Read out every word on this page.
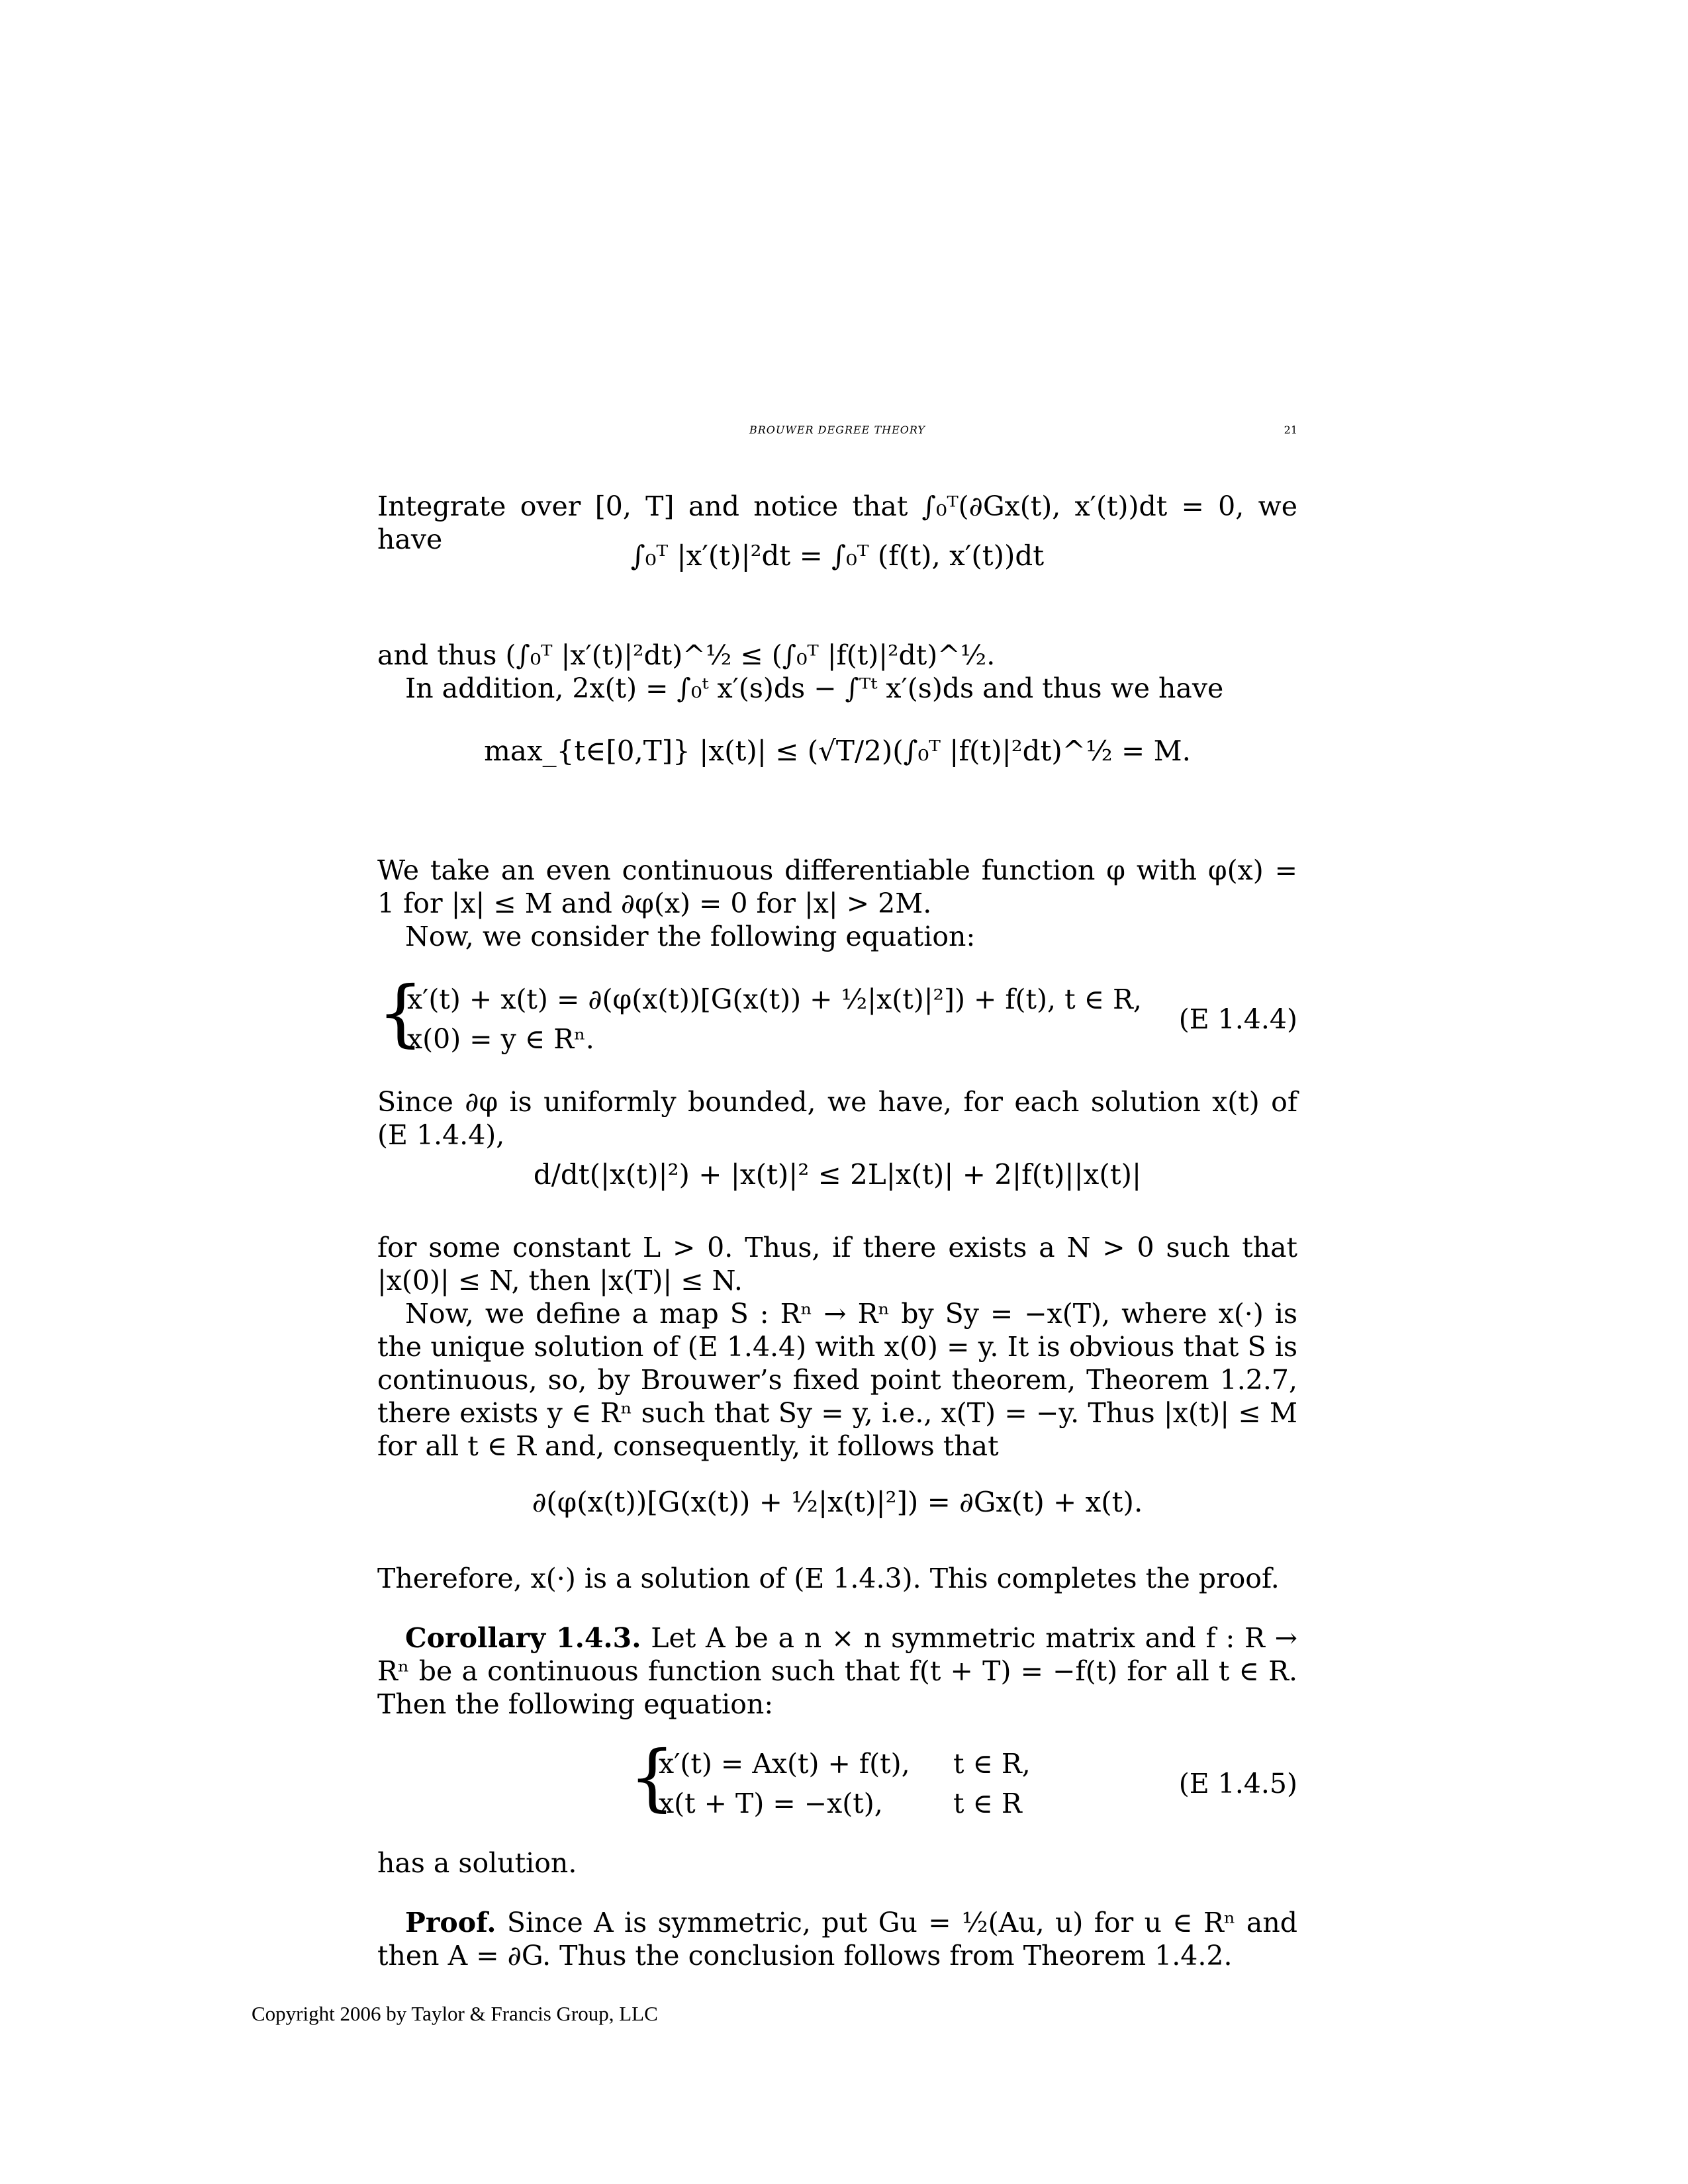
BROUWER DEGREE THEORY	21
Integrate over [0, T] and notice that ∫₀ᵀ(∂Gx(t), x′(t))dt = 0, we have	∫₀ᵀ |x′(t)|²dt = ∫₀ᵀ (f(t), x′(t))dt
and thus (∫₀ᵀ |x′(t)|²dt)^½ ≤ (∫₀ᵀ |f(t)|²dt)^½.
In addition, 2x(t) = ∫₀ᵗ x′(s)ds − ∫ᵀᵗ x′(s)ds and thus we have
max_{t∈[0,T]} |x(t)| ≤ (√T/2)(∫₀ᵀ |f(t)|²dt)^½ = M.
We take an even continuous differentiable function φ with φ(x) = 1 for |x| ≤ M and ∂φ(x) = 0 for |x| > 2M.
Now, we consider the following equation:
{
x′(t) + x(t) = ∂(φ(x(t))[G(x(t)) + ½|x(t)|²]) + f(t), t ∈ R,
x(0) = y ∈ Rⁿ.
(E 1.4.4)
Since ∂φ is uniformly bounded, we have, for each solution x(t) of (E 1.4.4),
d/dt(|x(t)|²) + |x(t)|² ≤ 2L|x(t)| + 2|f(t)||x(t)|
for some constant L > 0. Thus, if there exists a N > 0 such that |x(0)| ≤ N, then |x(T)| ≤ N.
Now, we define a map S : Rⁿ → Rⁿ by Sy = −x(T), where x(·) is the unique solution of (E 1.4.4) with x(0) = y. It is obvious that S is continuous, so, by Brouwer’s fixed point theorem, Theorem 1.2.7, there exists y ∈ Rⁿ such that Sy = y, i.e., x(T) = −y. Thus |x(t)| ≤ M for all t ∈ R and, consequently, it follows that
∂(φ(x(t))[G(x(t)) + ½|x(t)|²]) = ∂Gx(t) + x(t).
Therefore, x(·) is a solution of (E 1.4.3). This completes the proof.
Corollary 1.4.3. Let A be a n × n symmetric matrix and f : R → Rⁿ be a continuous function such that f(t + T) = −f(t) for all t ∈ R. Then the following equation:
{
x′(t) = Ax(t) + f(t), t ∈ R,
x(t + T) = −x(t),	t ∈ R
(E 1.4.5)
has a solution.
Proof. Since A is symmetric, put Gu = ½(Au, u) for u ∈ Rⁿ and then A = ∂G. Thus the conclusion follows from Theorem 1.4.2.
Copyright 2006 by Taylor & Francis Group, LLC
